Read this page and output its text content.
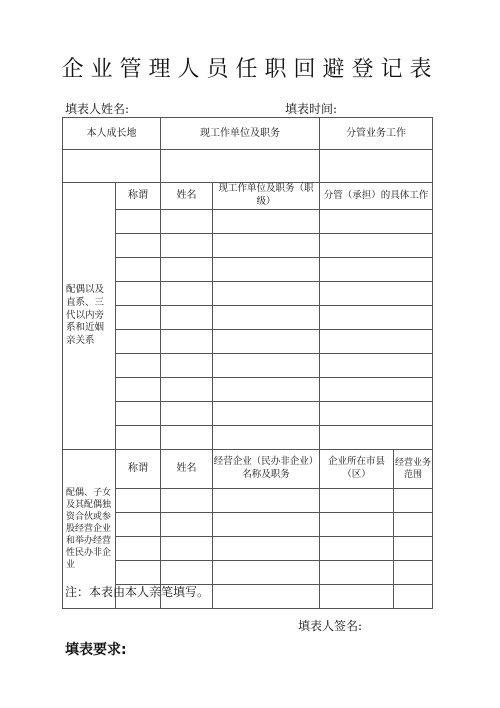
企业管理人员任职回避登记表
填表人姓名:	填表时间:
本人成长地		现工作单位及职务		分管业务工作	

配偶以及直系、三代以内旁系和近姻亲关系	称谓	姓名	现工作单位及职务（职级）	分管（承担）的具体工作	

配偶、子女及其配偶独资合伙或参股经营企业和举办经营性民办非企业	称谓	姓名	经营企业（民办非企业）名称及职务	企业所在市县（区）	经营业务范围

注：本表由本人亲笔填写。
填表人签名:
填表要求:
